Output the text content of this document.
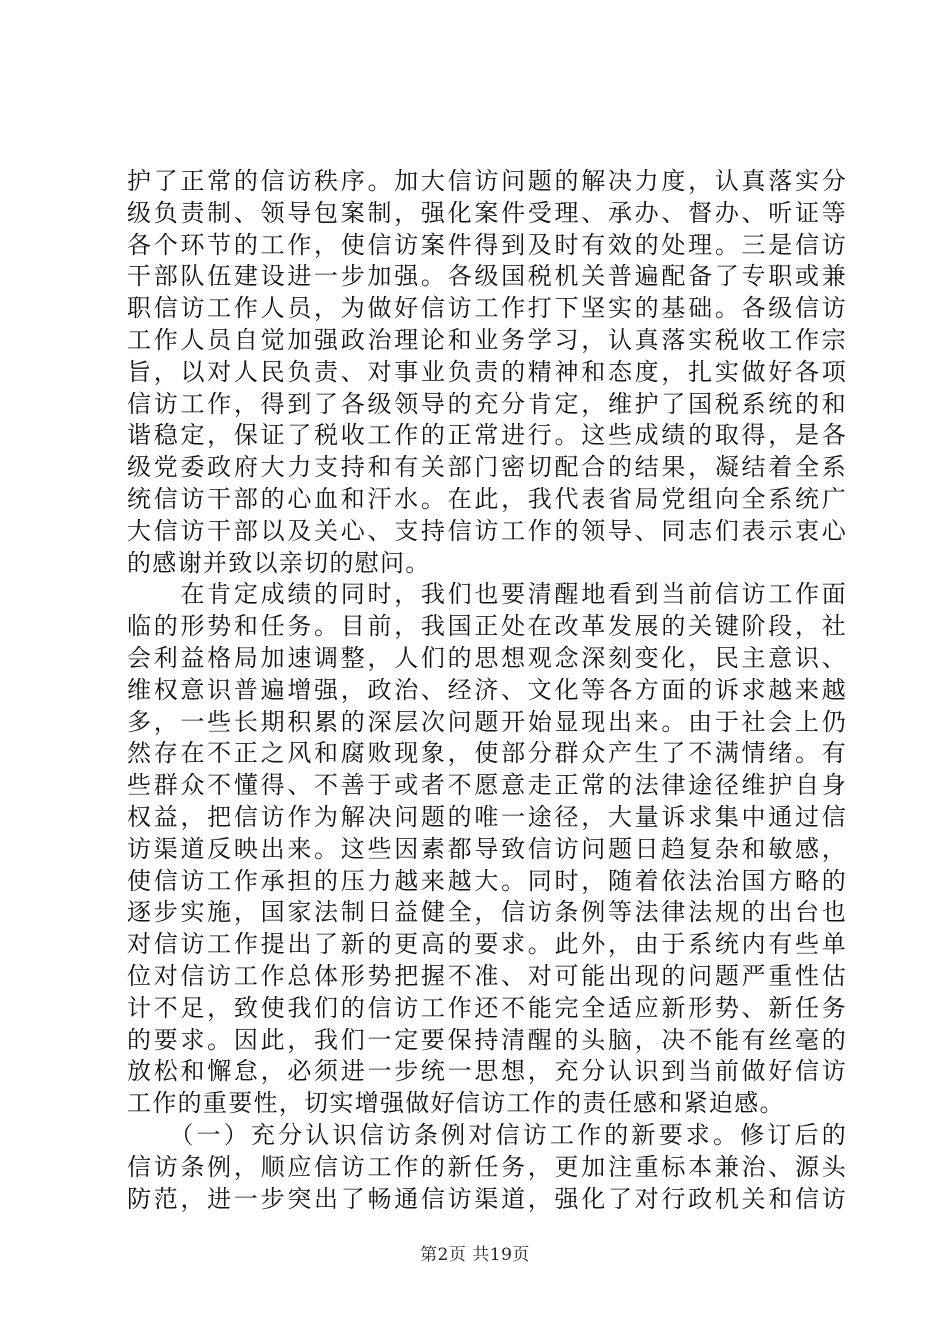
护了正常的信访秩序。加大信访问题的解决力度，认真落实分
级负责制、领导包案制，强化案件受理、承办、督办、听证等
各个环节的工作，使信访案件得到及时有效的处理。三是信访
干部队伍建设进一步加强。各级国税机关普遍配备了专职或兼
职信访工作人员，为做好信访工作打下坚实的基础。各级信访
工作人员自觉加强政治理论和业务学习，认真落实税收工作宗
旨，以对人民负责、对事业负责的精神和态度，扎实做好各项
信访工作，得到了各级领导的充分肯定，维护了国税系统的和
谐稳定，保证了税收工作的正常进行。这些成绩的取得，是各
级党委政府大力支持和有关部门密切配合的结果，凝结着全系
统信访干部的心血和汗水。在此，我代表省局党组向全系统广
大信访干部以及关心、支持信访工作的领导、同志们表示衷心
的感谢并致以亲切的慰问。
　　在肯定成绩的同时，我们也要清醒地看到当前信访工作面
临的形势和任务。目前，我国正处在改革发展的关键阶段，社
会利益格局加速调整，人们的思想观念深刻变化，民主意识、
维权意识普遍增强，政治、经济、文化等各方面的诉求越来越
多，一些长期积累的深层次问题开始显现出来。由于社会上仍
然存在不正之风和腐败现象，使部分群众产生了不满情绪。有
些群众不懂得、不善于或者不愿意走正常的法律途径维护自身
权益，把信访作为解决问题的唯一途径，大量诉求集中通过信
访渠道反映出来。这些因素都导致信访问题日趋复杂和敏感，
使信访工作承担的压力越来越大。同时，随着依法治国方略的
逐步实施，国家法制日益健全，信访条例等法律法规的出台也
对信访工作提出了新的更高的要求。此外，由于系统内有些单
位对信访工作总体形势把握不准、对可能出现的问题严重性估
计不足，致使我们的信访工作还不能完全适应新形势、新任务
的要求。因此，我们一定要保持清醒的头脑，决不能有丝毫的
放松和懈怠，必须进一步统一思想，充分认识到当前做好信访
工作的重要性，切实增强做好信访工作的责任感和紧迫感。
　　（一）充分认识信访条例对信访工作的新要求。修订后的
信访条例，顺应信访工作的新任务，更加注重标本兼治、源头
防范，进一步突出了畅通信访渠道，强化了对行政机关和信访
第2页 共19页
